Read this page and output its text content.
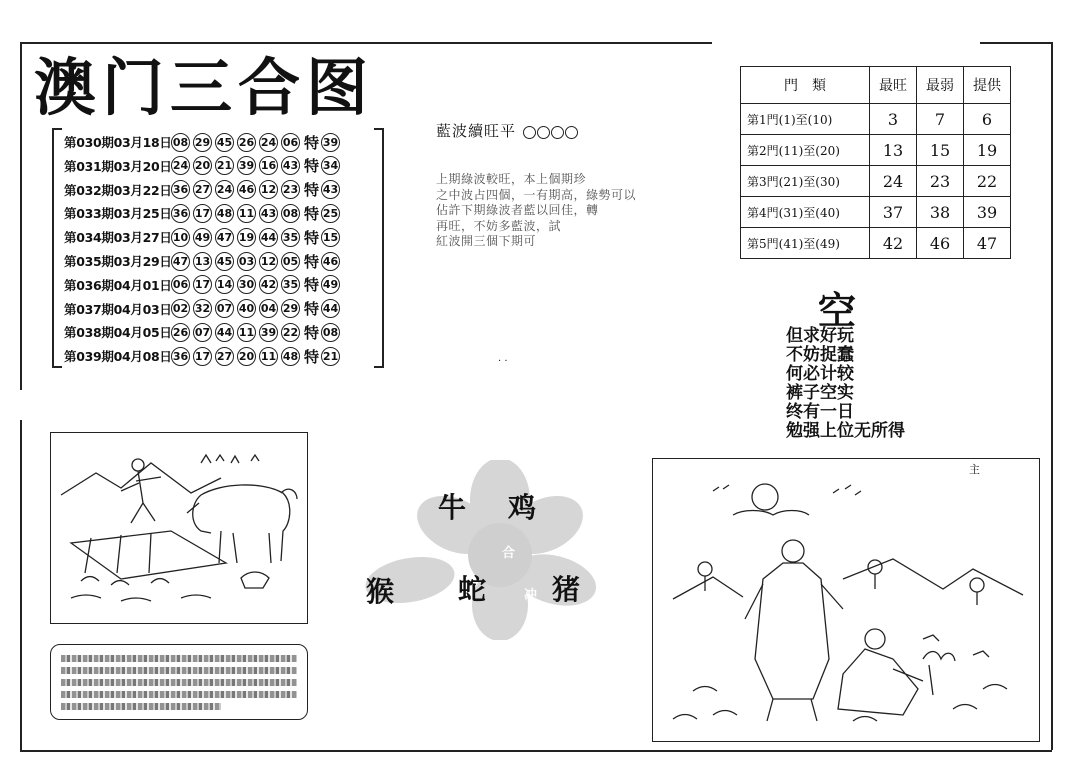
澳门三合图
第030期03月18日 08 29 45 26 24 06 特 39
第031期03月20日 24 20 21 39 16 43 特 34
第032期03月22日 36 27 24 46 12 23 特 43
第033期03月25日 36 17 48 11 43 08 特 25
第034期03月27日 10 49 47 19 44 35 特 15
第035期03月29日 47 13 45 03 12 05 特 46
第036期04月01日 06 17 14 30 42 35 特 49
第037期04月03日 02 32 07 40 04 29 特 44
第038期04月05日 26 07 44 11 39 22 特 08
第039期04月08日 36 17 27 20 11 48 特 21
藍波續旺平
上期綠波較旺，本上個期珍
之中波占四個，一有期高，綠勢可以
佔許下期綠波者藍以回佳，轉
再旺，不妨多藍波，試
紅波開三個下期可
門　類	最旺	最弱	提供
第1門(1)至(10)	3	7	6
第2門(11)至(20)	13	15	19
第3門(21)至(30)	24	23	22
第4門(31)至(40)	37	38	39
第5門(41)至(49)	42	46	47
空
但求好玩
不妨捉蠢
何必计较
裤子空实
终有一日
勉强上位无所得
牛 鸡
猴 蛇 猪
合
冲
主
· ·
